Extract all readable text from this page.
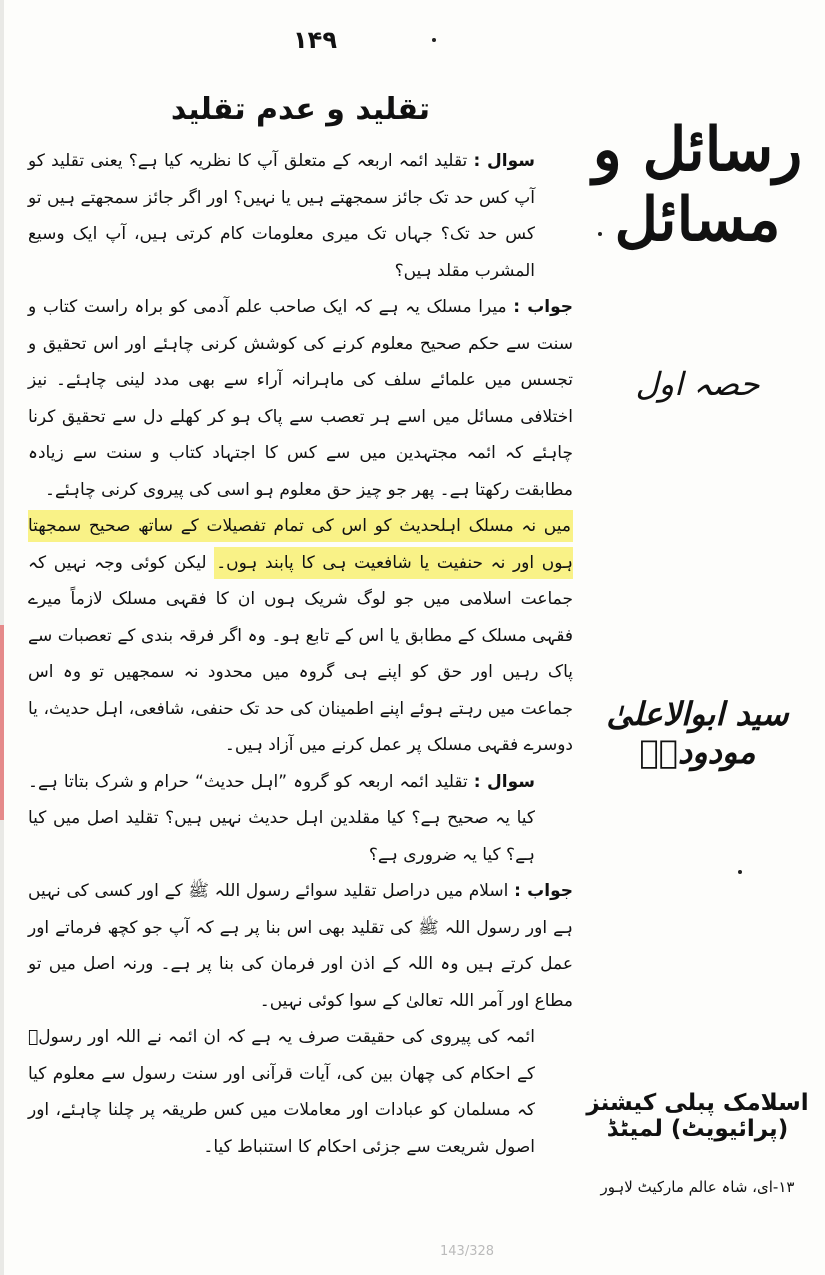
۱۴۹
تقلید و عدم تقلید

سوال : تقلید ائمہ اربعہ کے متعلق آپ کا نظریہ کیا ہے؟ یعنی تقلید کو آپ کس حد تک جائز سمجھتے ہیں یا نہیں؟ اور اگر جائز سمجھتے ہیں تو کس حد تک؟ جہاں تک میری معلومات کام کرتی ہیں، آپ ایک وسیع المشرب مقلد ہیں؟

جواب : میرا مسلک یہ ہے کہ ایک صاحب علم آدمی کو براہ راست کتاب و سنت سے حکم صحیح معلوم کرنے کی کوشش کرنی چاہئے اور اس تحقیق و تجسس میں علمائے سلف کی ماہرانہ آراء سے بھی مدد لینی چاہئے۔ نیز اختلافی مسائل میں اسے ہر تعصب سے پاک ہو کر کھلے دل سے تحقیق کرنا چاہئے کہ ائمہ مجتہدین میں سے کس کا اجتہاد کتاب و سنت سے زیادہ مطابقت رکھتا ہے۔ پھر جو چیز حق معلوم ہو اسی کی پیروی کرنی چاہئے۔

میں نہ مسلک اہلحدیث کو اس کی تمام تفصیلات کے ساتھ صحیح سمجھتا ہوں اور نہ حنفیت یا شافعیت ہی کا پابند ہوں۔ لیکن کوئی وجہ نہیں کہ جماعت اسلامی میں جو لوگ شریک ہوں ان کا فقہی مسلک لازماً میرے فقہی مسلک کے مطابق یا اس کے تابع ہو۔ وہ اگر فرقہ بندی کے تعصبات سے پاک رہیں اور حق کو اپنے ہی گروہ میں محدود نہ سمجھیں تو وہ اس جماعت میں رہتے ہوئے اپنے اطمینان کی حد تک حنفی، شافعی، اہل حدیث، یا دوسرے فقہی مسلک پر عمل کرنے میں آزاد ہیں۔

سوال : تقلید ائمہ اربعہ کو گروہ ”اہل حدیث“ حرام و شرک بتاتا ہے۔ کیا یہ صحیح ہے؟ کیا مقلدین اہل حدیث نہیں ہیں؟ تقلید اصل میں کیا ہے؟ کیا یہ ضروری ہے؟

جواب : اسلام میں دراصل تقلید سوائے رسول اللہ ﷺ کے اور کسی کی نہیں ہے اور رسول اللہ ﷺ کی تقلید بھی اس بنا پر ہے کہ آپ جو کچھ فرماتے اور عمل کرتے ہیں وہ اللہ کے اذن اور فرمان کی بنا پر ہے۔ ورنہ اصل میں تو مطاع اور آمر اللہ تعالیٰ کے سوا کوئی نہیں۔

ائمہ کی پیروی کی حقیقت صرف یہ ہے کہ ان ائمہ نے اللہ اور رسولؐ کے احکام کی چھان بین کی، آیات قرآنی اور سنت رسول سے معلوم کیا کہ مسلمان کو عبادات اور معاملات میں کس طریقہ پر چلنا چاہئے، اور اصول شریعت سے جزئی احکام کا استنباط کیا۔

رسائل و مسائل
حصہ اول
سید ابوالاعلیٰ مودودیؒ
اسلامک پبلی کیشنز (پرائیویٹ) لمیٹڈ
۱۳-ای، شاہ عالم مارکیٹ لاہور
143/328
